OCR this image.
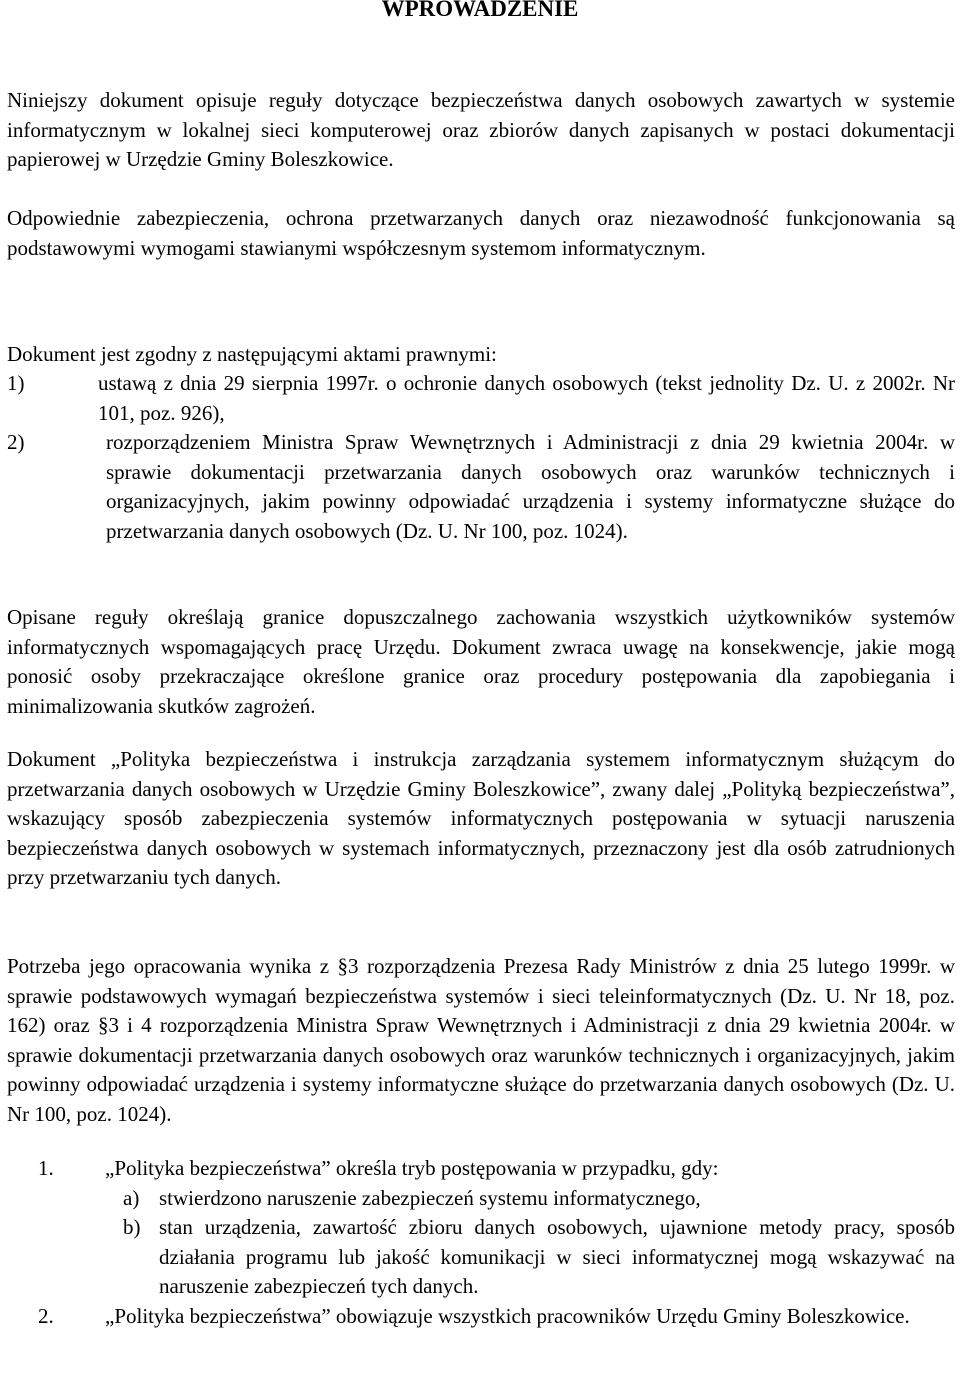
WPROWADZENIE

Niniejszy dokument opisuje reguły dotyczące bezpieczeństwa danych osobowych zawartych w systemie informatycznym w lokalnej sieci komputerowej oraz zbiorów danych zapisanych w postaci dokumentacji papierowej w Urzędzie Gminy Boleszkowice.

Odpowiednie zabezpieczenia, ochrona przetwarzanych danych oraz niezawodność funkcjonowania są podstawowymi wymogami stawianymi współczesnym systemom informatycznym.

Dokument jest zgodny z następującymi aktami prawnymi:

1)	ustawą z dnia 29 sierpnia 1997r. o ochronie danych osobowych (tekst jednolity Dz. U. z 2002r. Nr 101, poz. 926),
2)	rozporządzeniem Ministra Spraw Wewnętrznych i Administracji z dnia 29 kwietnia 2004r. w sprawie dokumentacji przetwarzania danych osobowych oraz warunków technicznych i organizacyjnych, jakim powinny odpowiadać urządzenia i systemy informatyczne służące do przetwarzania danych osobowych (Dz. U. Nr 100, poz. 1024).

Opisane reguły określają granice dopuszczalnego zachowania wszystkich użytkowników systemów informatycznych wspomagających pracę Urzędu. Dokument zwraca uwagę na konsekwencje, jakie mogą ponosić osoby przekraczające określone granice oraz procedury postępowania dla zapobiegania i minimalizowania skutków zagrożeń.

Dokument „Polityka bezpieczeństwa i instrukcja zarządzania systemem informatycznym służącym do przetwarzania danych osobowych w Urzędzie Gminy Boleszkowice”, zwany dalej „Polityką bezpieczeństwa”, wskazujący sposób zabezpieczenia systemów informatycznych postępowania w sytuacji naruszenia bezpieczeństwa danych osobowych w systemach informatycznych, przeznaczony jest dla osób zatrudnionych przy przetwarzaniu tych danych.

Potrzeba jego opracowania wynika z §3 rozporządzenia Prezesa Rady Ministrów z dnia 25 lutego 1999r. w sprawie podstawowych wymagań bezpieczeństwa systemów i sieci teleinformatycznych (Dz. U. Nr 18, poz. 162) oraz §3 i 4 rozporządzenia Ministra Spraw Wewnętrznych i Administracji z dnia 29 kwietnia 2004r. w sprawie dokumentacji przetwarzania danych osobowych oraz warunków technicznych i organizacyjnych, jakim powinny odpowiadać urządzenia i systemy informatyczne służące do przetwarzania danych osobowych (Dz. U. Nr 100, poz. 1024).

1. „Polityka bezpieczeństwa” określa tryb postępowania w przypadku, gdy:
a) stwierdzono naruszenie zabezpieczeń systemu informatycznego,
b) stan urządzenia, zawartość zbioru danych osobowych, ujawnione metody pracy, sposób działania programu lub jakość komunikacji w sieci informatycznej mogą wskazywać na naruszenie zabezpieczeń tych danych.
2. „Polityka bezpieczeństwa” obowiązuje wszystkich pracowników Urzędu Gminy Boleszkowice.
